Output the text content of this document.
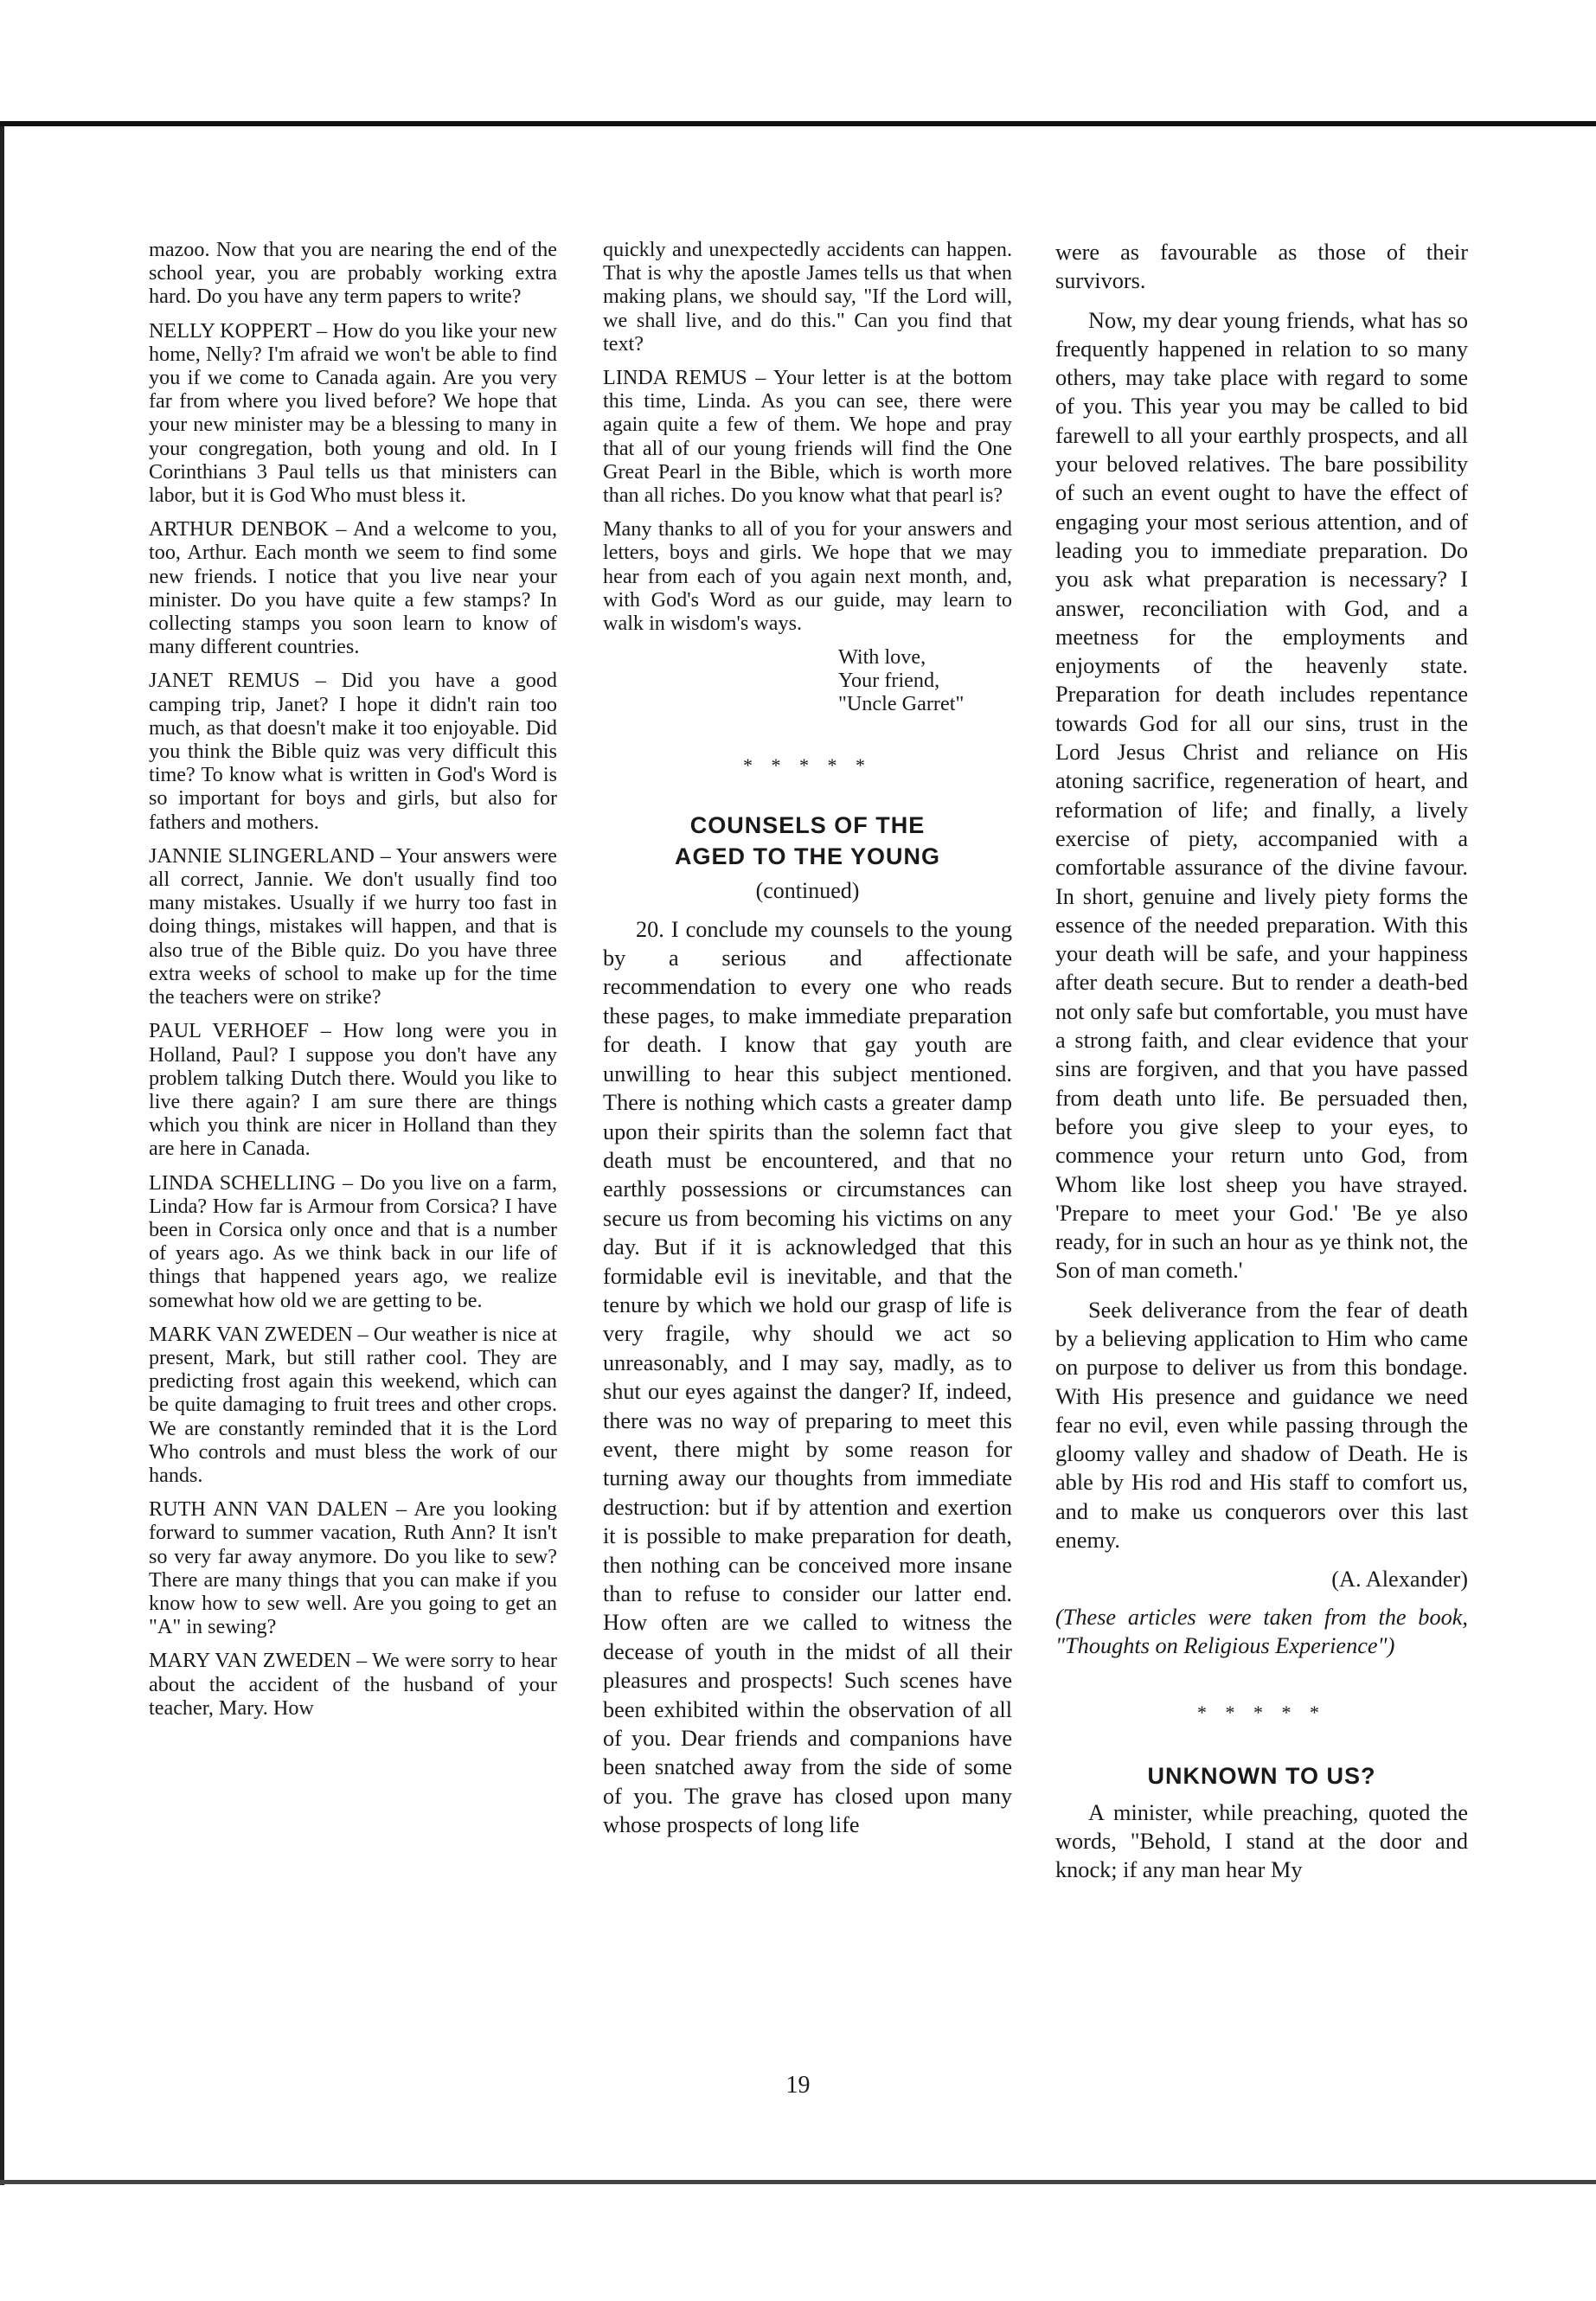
mazoo. Now that you are nearing the end of the school year, you are probably working extra hard. Do you have any term papers to write?

NELLY KOPPERT – How do you like your new home, Nelly? I'm afraid we won't be able to find you if we come to Canada again. Are you very far from where you lived before? We hope that your new minister may be a blessing to many in your congregation, both young and old. In I Corinthians 3 Paul tells us that ministers can labor, but it is God Who must bless it.

ARTHUR DENBOK – And a welcome to you, too, Arthur. Each month we seem to find some new friends. I notice that you live near your minister. Do you have quite a few stamps? In collecting stamps you soon learn to know of many different countries.

JANET REMUS – Did you have a good camping trip, Janet? I hope it didn't rain too much, as that doesn't make it too enjoyable. Did you think the Bible quiz was very difficult this time? To know what is written in God's Word is so important for boys and girls, but also for fathers and mothers.

JANNIE SLINGERLAND – Your answers were all correct, Jannie. We don't usually find too many mistakes. Usually if we hurry too fast in doing things, mistakes will happen, and that is also true of the Bible quiz. Do you have three extra weeks of school to make up for the time the teachers were on strike?

PAUL VERHOEF – How long were you in Holland, Paul? I suppose you don't have any problem talking Dutch there. Would you like to live there again? I am sure there are things which you think are nicer in Holland than they are here in Canada.

LINDA SCHELLING – Do you live on a farm, Linda? How far is Armour from Corsica? I have been in Corsica only once and that is a number of years ago. As we think back in our life of things that happened years ago, we realize somewhat how old we are getting to be.

MARK VAN ZWEDEN – Our weather is nice at present, Mark, but still rather cool. They are predicting frost again this weekend, which can be quite damaging to fruit trees and other crops. We are constantly reminded that it is the Lord Who controls and must bless the work of our hands.

RUTH ANN VAN DALEN – Are you looking forward to summer vacation, Ruth Ann? It isn't so very far away anymore. Do you like to sew? There are many things that you can make if you know how to sew well. Are you going to get an "A" in sewing?

MARY VAN ZWEDEN – We were sorry to hear about the accident of the husband of your teacher, Mary. How

quickly and unexpectedly accidents can happen. That is why the apostle James tells us that when making plans, we should say, "If the Lord will, we shall live, and do this." Can you find that text?

LINDA REMUS – Your letter is at the bottom this time, Linda. As you can see, there were again quite a few of them. We hope and pray that all of our young friends will find the One Great Pearl in the Bible, which is worth more than all riches. Do you know what that pearl is?

Many thanks to all of you for your answers and letters, boys and girls. We hope that we may hear from each of you again next month, and, with God's Word as our guide, may learn to walk in wisdom's ways.

With love,
Your friend,
"Uncle Garret"
* * * * *
COUNSELS OF THE
AGED TO THE YOUNG
(continued)

20. I conclude my counsels to the young by a serious and affectionate recommendation to every one who reads these pages, to make immediate preparation for death. I know that gay youth are unwilling to hear this subject mentioned. There is nothing which casts a greater damp upon their spirits than the solemn fact that death must be encountered, and that no earthly possessions or circumstances can secure us from becoming his victims on any day. But if it is acknowledged that this formidable evil is inevitable, and that the tenure by which we hold our grasp of life is very fragile, why should we act so unreasonably, and I may say, madly, as to shut our eyes against the danger? If, indeed, there was no way of preparing to meet this event, there might by some reason for turning away our thoughts from immediate destruction: but if by attention and exertion it is possible to make preparation for death, then nothing can be conceived more insane than to refuse to consider our latter end. How often are we called to witness the decease of youth in the midst of all their pleasures and prospects! Such scenes have been exhibited within the observation of all of you. Dear friends and companions have been snatched away from the side of some of you. The grave has closed upon many whose prospects of long life

were as favourable as those of their survivors.

Now, my dear young friends, what has so frequently happened in relation to so many others, may take place with regard to some of you. This year you may be called to bid farewell to all your earthly prospects, and all your beloved relatives. The bare possibility of such an event ought to have the effect of engaging your most serious attention, and of leading you to immediate preparation. Do you ask what preparation is necessary? I answer, reconciliation with God, and a meetness for the employments and enjoyments of the heavenly state. Preparation for death includes repentance towards God for all our sins, trust in the Lord Jesus Christ and reliance on His atoning sacrifice, regeneration of heart, and reformation of life; and finally, a lively exercise of piety, accompanied with a comfortable assurance of the divine favour. In short, genuine and lively piety forms the essence of the needed preparation. With this your death will be safe, and your happiness after death secure. But to render a death-bed not only safe but comfortable, you must have a strong faith, and clear evidence that your sins are forgiven, and that you have passed from death unto life. Be persuaded then, before you give sleep to your eyes, to commence your return unto God, from Whom like lost sheep you have strayed. 'Prepare to meet your God.' 'Be ye also ready, for in such an hour as ye think not, the Son of man cometh.'

Seek deliverance from the fear of death by a believing application to Him who came on purpose to deliver us from this bondage. With His presence and guidance we need fear no evil, even while passing through the gloomy valley and shadow of Death. He is able by His rod and His staff to comfort us, and to make us conquerors over this last enemy.

(A. Alexander)
(These articles were taken from the book, "Thoughts on Religious Experience")
* * * * *
UNKNOWN TO US?

A minister, while preaching, quoted the words, "Behold, I stand at the door and knock; if any man hear My

19
